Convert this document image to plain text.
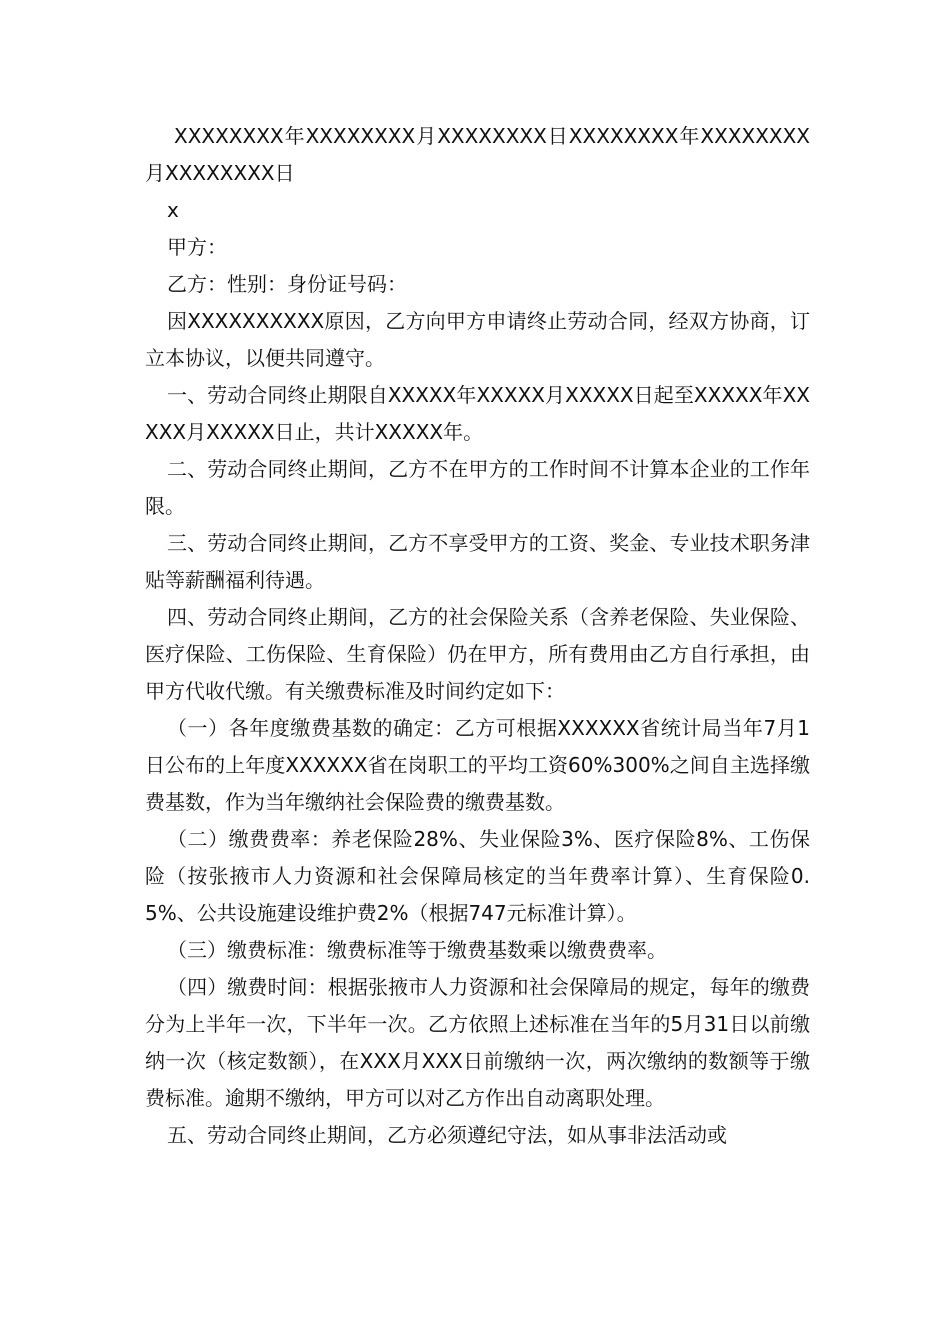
XXXXXXXX年XXXXXXXX月XXXXXXXX日XXXXXXXX年XXXXXXXX月XXXXXXXX日

x

甲方：

乙方：性别：身份证号码：

因XXXXXXXXXX原因，乙方向甲方申请终止劳动合同，经双方协商，订立本协议，以便共同遵守。

一、劳动合同终止期限自XXXXX年XXXXX月XXXXX日起至XXXXX年XXXXX月XXXXX日止，共计XXXXX年。

二、劳动合同终止期间，乙方不在甲方的工作时间不计算本企业的工作年限。

三、劳动合同终止期间，乙方不享受甲方的工资、奖金、专业技术职务津贴等薪酬福利待遇。

四、劳动合同终止期间，乙方的社会保险关系（含养老保险、失业保险、医疗保险、工伤保险、生育保险）仍在甲方，所有费用由乙方自行承担，由甲方代收代缴。有关缴费标准及时间约定如下：

（一）各年度缴费基数的确定：乙方可根据XXXXXX省统计局当年7月1日公布的上年度XXXXXX省在岗职工的平均工资60%300%之间自主选择缴费基数，作为当年缴纳社会保险费的缴费基数。

（二）缴费费率：养老保险28%、失业保险3%、医疗保险8%、工伤保险（按张掖市人力资源和社会保障局核定的当年费率计算）、生育保险0.5%、公共设施建设维护费2%（根据747元标准计算）。

（三）缴费标准：缴费标准等于缴费基数乘以缴费费率。

（四）缴费时间：根据张掖市人力资源和社会保障局的规定，每年的缴费分为上半年一次，下半年一次。乙方依照上述标准在当年的5月31日以前缴纳一次（核定数额），在XXX月XXX日前缴纳一次，两次缴纳的数额等于缴费标准。逾期不缴纳，甲方可以对乙方作出自动离职处理。

五、劳动合同终止期间，乙方必须遵纪守法，如从事非法活动或
